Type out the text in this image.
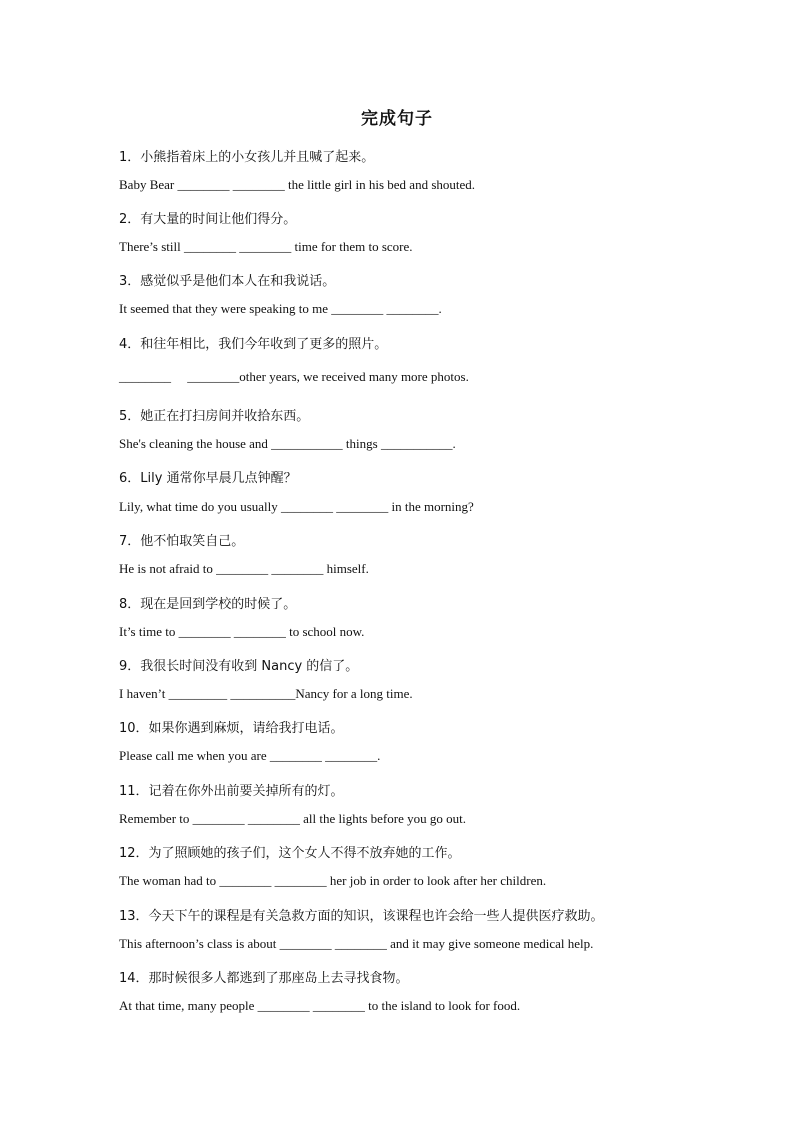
完成句子
1．小熊指着床上的小女孩儿并且喊了起来。
Baby Bear ________ ________ the little girl in his bed and shouted.
2．有大量的时间让他们得分。
There’s still ________ ________ time for them to score.
3．感觉似乎是他们本人在和我说话。
It seemed that they were speaking to me ________ ________.
4．和往年相比，我们今年收到了更多的照片。
________     ________other years, we received many more photos.
5．她正在打扫房间并收拾东西。
She's cleaning the house and ___________ things ___________.
6．Lily 通常你早晨几点钟醒？
Lily, what time do you usually ________ ________ in the morning?
7．他不怕取笑自己。
He is not afraid to ________ ________ himself.
8．现在是回到学校的时候了。
It’s time to ________ ________ to school now.
9．我很长时间没有收到 Nancy 的信了。
I haven’t _________ __________Nancy for a long time.
10．如果你遇到麻烦，请给我打电话。
Please call me when you are ________ ________.
11．记着在你外出前要关掉所有的灯。
Remember to ________ ________ all the lights before you go out.
12．为了照顾她的孩子们，这个女人不得不放弃她的工作。
The woman had to ________ ________ her job in order to look after her children.
13．今天下午的课程是有关急救方面的知识，该课程也许会给一些人提供医疗救助。
This afternoon’s class is about ________ ________ and it may give someone medical help.
14．那时候很多人都逃到了那座岛上去寻找食物。
At that time, many people ________ ________ to the island to look for food.
